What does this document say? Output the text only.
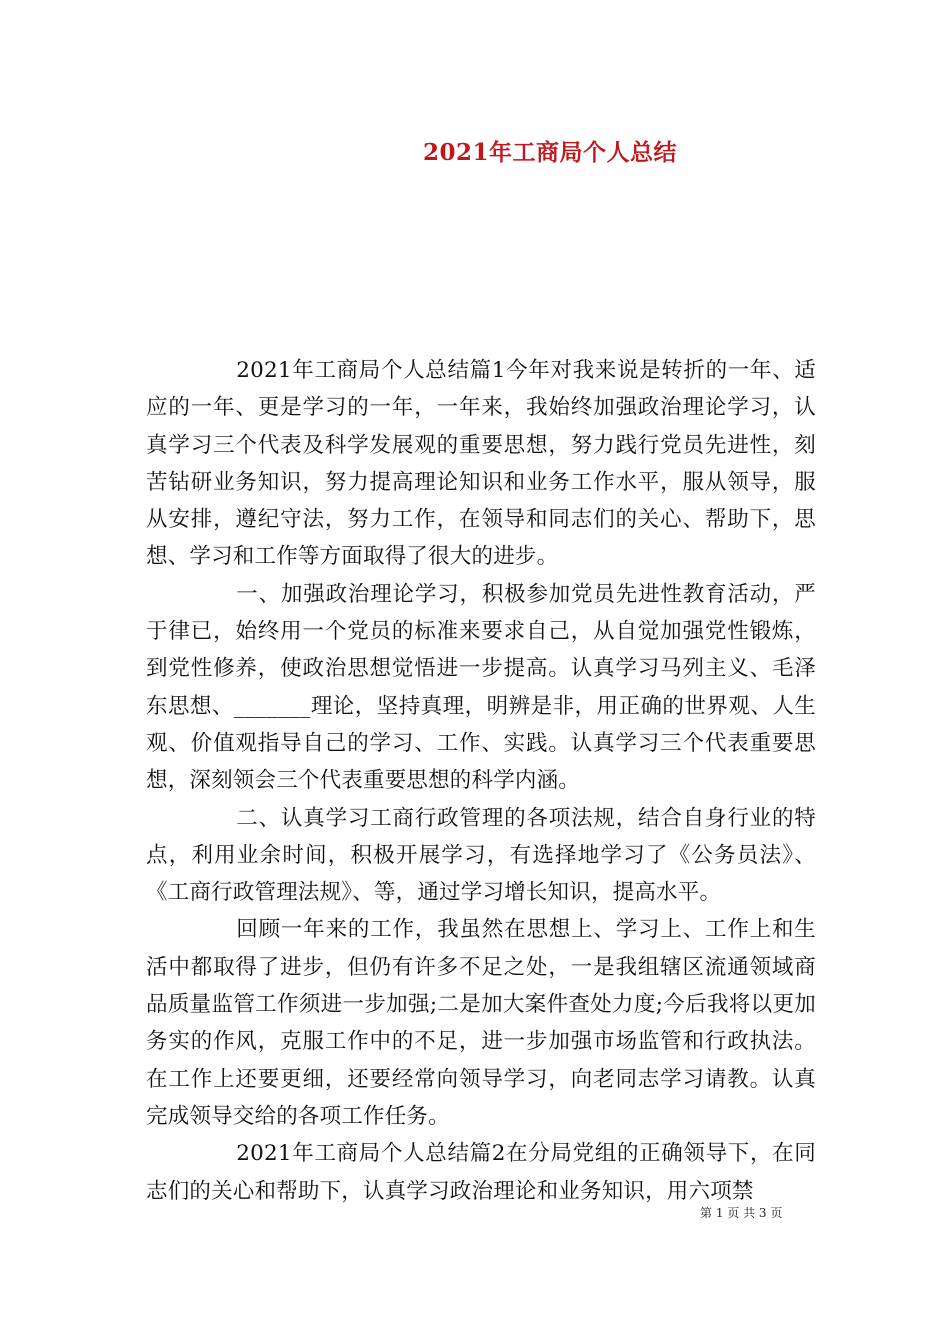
2021年工商局个人总结

2021年工商局个人总结篇1今年对我来说是转折的一年、适应的一年、更是学习的一年，一年来，我始终加强政治理论学习，认真学习三个代表及科学发展观的重要思想，努力践行党员先进性，刻苦钻研业务知识，努力提高理论知识和业务工作水平，服从领导，服从安排，遵纪守法，努力工作，在领导和同志们的关心、帮助下，思想、学习和工作等方面取得了很大的进步。

一、加强政治理论学习，积极参加党员先进性教育活动，严于律已，始终用一个党员的标准来要求自己，从自觉加强党性锻炼，到党性修养，使政治思想觉悟进一步提高。认真学习马列主义、毛泽东思想、_______理论，坚持真理，明辨是非，用正确的世界观、人生观、价值观指导自己的学习、工作、实践。认真学习三个代表重要思想，深刻领会三个代表重要思想的科学内涵。

二、认真学习工商行政管理的各项法规，结合自身行业的特点，利用业余时间，积极开展学习，有选择地学习了《公务员法》、《工商行政管理法规》、等，通过学习增长知识，提高水平。

回顾一年来的工作，我虽然在思想上、学习上、工作上和生活中都取得了进步，但仍有许多不足之处，一是我组辖区流通领域商品质量监管工作须进一步加强;二是加大案件查处力度;今后我将以更加务实的作风，克服工作中的不足，进一步加强市场监管和行政执法。在工作上还要更细，还要经常向领导学习，向老同志学习请教。认真完成领导交给的各项工作任务。

2021年工商局个人总结篇2在分局党组的正确领导下，在同志们的关心和帮助下，认真学习政治理论和业务知识，用六项禁

第 1 页 共 3 页
